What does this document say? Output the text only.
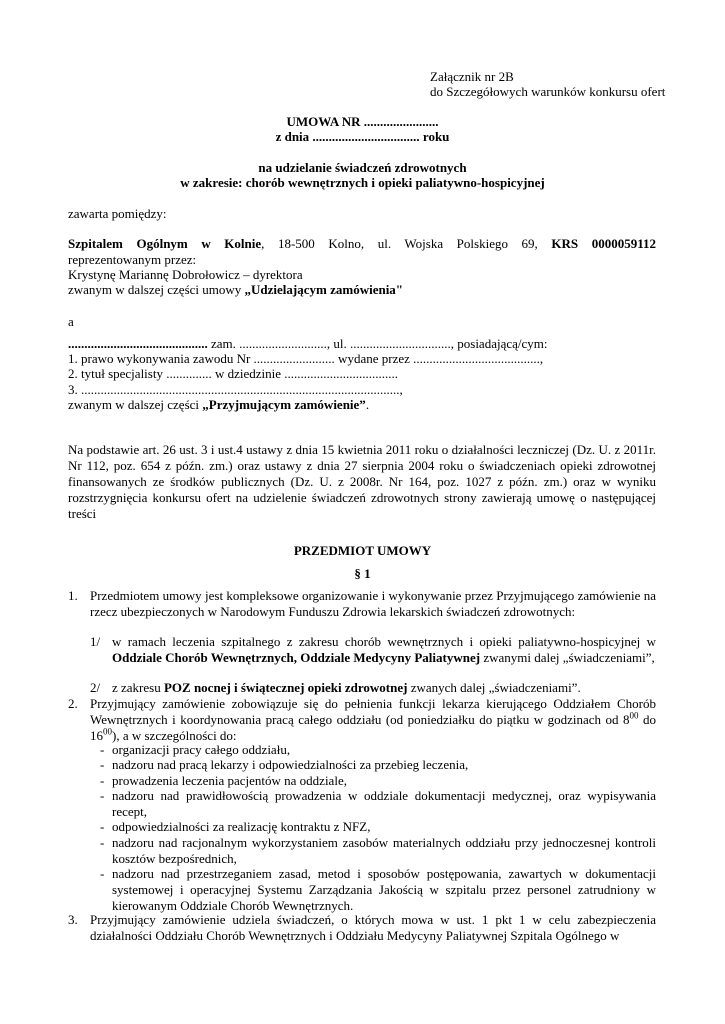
Załącznik nr 2B
do Szczegółowych warunków konkursu ofert
UMOWA NR .......................
z dnia ................................. roku
na udzielanie świadczeń zdrowotnych
w zakresie: chorób wewnętrznych i opieki paliatywno-hospicyjnej
zawarta pomiędzy:
Szpitalem Ogólnym w Kolnie, 18-500 Kolno, ul. Wojska Polskiego 69, KRS 0000059112
reprezentowanym przez:
Krystynę Mariannę Dobrołowicz – dyrektora
zwanym w dalszej części umowy „Udzielającym zamówienia"
a
........................................... zam. ..........................., ul. ..............................., posiadającą/cym:
1. prawo wykonywania zawodu Nr ......................... wydane przez .......................................,
2. tytuł specjalisty .............. w dziedzinie ...................................
3. ..................................................................................................,
zwanym w dalszej części „Przyjmującym zamówienie”.
Na podstawie art. 26 ust. 3 i ust.4 ustawy z dnia 15 kwietnia 2011 roku o działalności leczniczej (Dz. U. z 2011r. Nr 112, poz. 654 z późn. zm.) oraz ustawy z dnia 27 sierpnia 2004 roku o świadczeniach opieki zdrowotnej finansowanych ze środków publicznych (Dz. U. z 2008r. Nr 164, poz. 1027 z późn. zm.) oraz w wyniku rozstrzygnięcia konkursu ofert na udzielenie świadczeń zdrowotnych strony zawierają umowę o następującej treści
PRZEDMIOT UMOWY
§ 1
1. Przedmiotem umowy jest kompleksowe organizowanie i wykonywanie przez Przyjmującego zamówienie na rzecz ubezpieczonych w Narodowym Funduszu Zdrowia lekarskich świadczeń zdrowotnych:
1/ w ramach leczenia szpitalnego z zakresu chorób wewnętrznych i opieki paliatywno-hospicyjnej w Oddziale Chorób Wewnętrznych, Oddziale Medycyny Paliatywnej zwanymi dalej „świadczeniami”,
2/ z zakresu POZ nocnej i świątecznej opieki zdrowotnej zwanych dalej „świadczeniami”.
2. Przyjmujący zamówienie zobowiązuje się do pełnienia funkcji lekarza kierującego Oddziałem Chorób Wewnętrznych i koordynowania pracą całego oddziału (od poniedziałku do piątku w godzinach od $8^{00}$ do $16^{00}$), a w szczególności do:
- organizacji pracy całego oddziału,
- nadzoru nad pracą lekarzy i odpowiedzialności za przebieg leczenia,
- prowadzenia leczenia pacjentów na oddziale,
- nadzoru nad prawidłowością prowadzenia w oddziale dokumentacji medycznej, oraz wypisywania recept,
- odpowiedzialności za realizację kontraktu z NFZ,
- nadzoru nad racjonalnym wykorzystaniem zasobów materialnych oddziału przy jednoczesnej kontroli kosztów bezpośrednich,
- nadzoru nad przestrzeganiem zasad, metod i sposobów postępowania, zawartych w dokumentacji systemowej i operacyjnej Systemu Zarządzania Jakością w szpitalu przez personel zatrudniony w kierowanym Oddziale Chorób Wewnętrznych.
3. Przyjmujący zamówienie udziela świadczeń, o których mowa w ust. 1 pkt 1 w celu zabezpieczenia działalności Oddziału Chorób Wewnętrznych i Oddziału Medycyny Paliatywnej Szpitala Ogólnego w
